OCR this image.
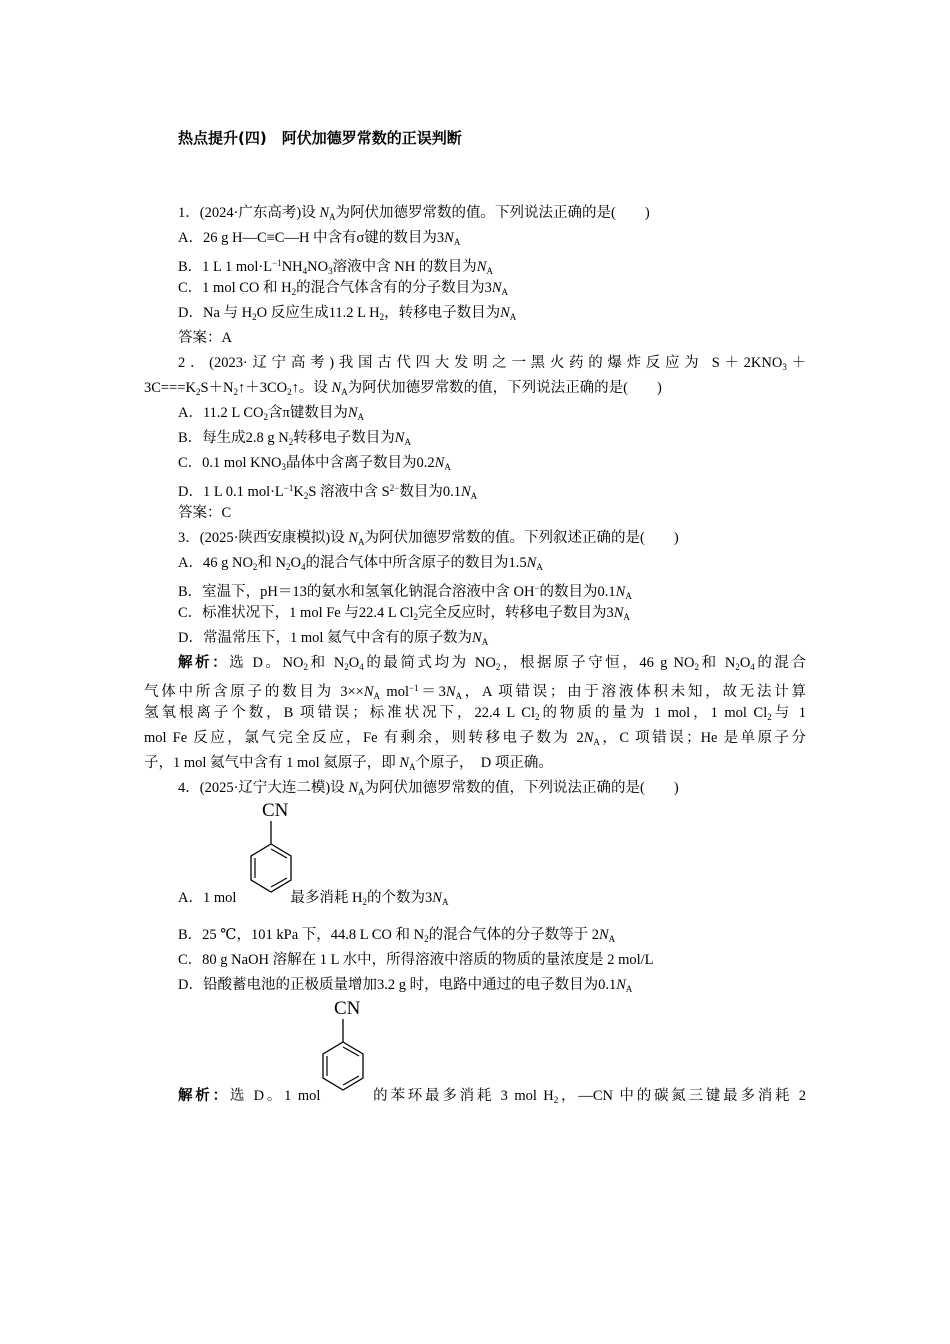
热点提升(四)　阿伏加德罗常数的正误判断
1．(2024·广东高考)设 $N_A$为阿伏加德罗常数的值。下列说法正确的是(　　)
A．26 g H—C≡C—H 中含有σ键的数目为$3N_A$
B．1 L 1 $mol\cdot L^{-1}NH_4NO_3$溶液中含 NH 的数目为$N_A$
C．1 mol CO 和 $H_2$的混合气体含有的分子数目为$3N_A$
D．Na 与 $H_2O$ 反应生成11.2 L $H_2$，转移电子数目为$N_A$
答案：A
2．(2023·辽宁高考)我国古代四大发明之一黑火药的爆炸反应为 $S+2KNO_3+$
$3C===K_2S+N_2↑+3CO_2↑$。设 $N_A$为阿伏加德罗常数的值，下列说法正确的是(　　)
A．11.2 L $CO_2$含π键数目为$N_A$
B．每生成2.8 g $N_2$转移电子数目为$N_A$
C．0.1 mol $KNO_3$晶体中含离子数目为$0.2N_A$
D．1 L 0.1 $mol\cdot L^{-1}K_2S$ 溶液中含 $S^{2-}$数目为$0.1N_A$
答案：C
3．(2025·陕西安康模拟)设 $N_A$为阿伏加德罗常数的值。下列叙述正确的是(　　)
A．46 g $NO_2$和 $N_2O_4$的混合气体中所含原子的数目为$1.5N_A$
B．室温下，pH＝13的氨水和氢氧化钠混合溶液中含 OH−的数目为$0.1N_A$
C．标准状况下，1 mol Fe 与22.4 L $Cl_2$完全反应时，转移电子数目为$3N_A$
D．常温常压下，1 mol 氦气中含有的原子数为$N_A$
解析：选 D。$NO_2$和 $N_2O_4$的最简式均为 $NO_2$，根据原子守恒，46 g $NO_2$和 $N_2O_4$的混合
气体中所含原子的数目为 $3\times\times N_A$ $mol^{-1}=3N_A$，A 项错误；由于溶液体积未知，故无法计算
氢氧根离子个数，B 项错误；标准状况下，22.4 L $Cl_2$的物质的量为 1 mol，1 mol $Cl_2$与 1
mol Fe 反应，氯气完全反应，Fe 有剩余，则转移电子数为 $2N_A$，C 项错误；He 是单原子分
子，1 mol 氦气中含有 1 mol 氦原子，即 $N_A$个原子，　D 项正确。
4．(2025·辽宁大连二模)设 $N_A$为阿伏加德罗常数的值，下列说法正确的是(　　)
CN
A．1 mol	最多消耗 $H_2$的个数为$3N_A$
B．25 ℃，101 kPa 下，44.8 L CO 和 $N_2$的混合气体的分子数等于 $2N_A$
C．80 g NaOH 溶解在 1 L 水中，所得溶液中溶质的物质的量浓度是 2 mol/L
D．铅酸蓄电池的正极质量增加3.2 g 时，电路中通过的电子数目为$0.1N_A$
CN
解析：选 D。1 mol	的苯环最多消耗 3 mol $H_2$，—CN 中的碳氮三键最多消耗 2
